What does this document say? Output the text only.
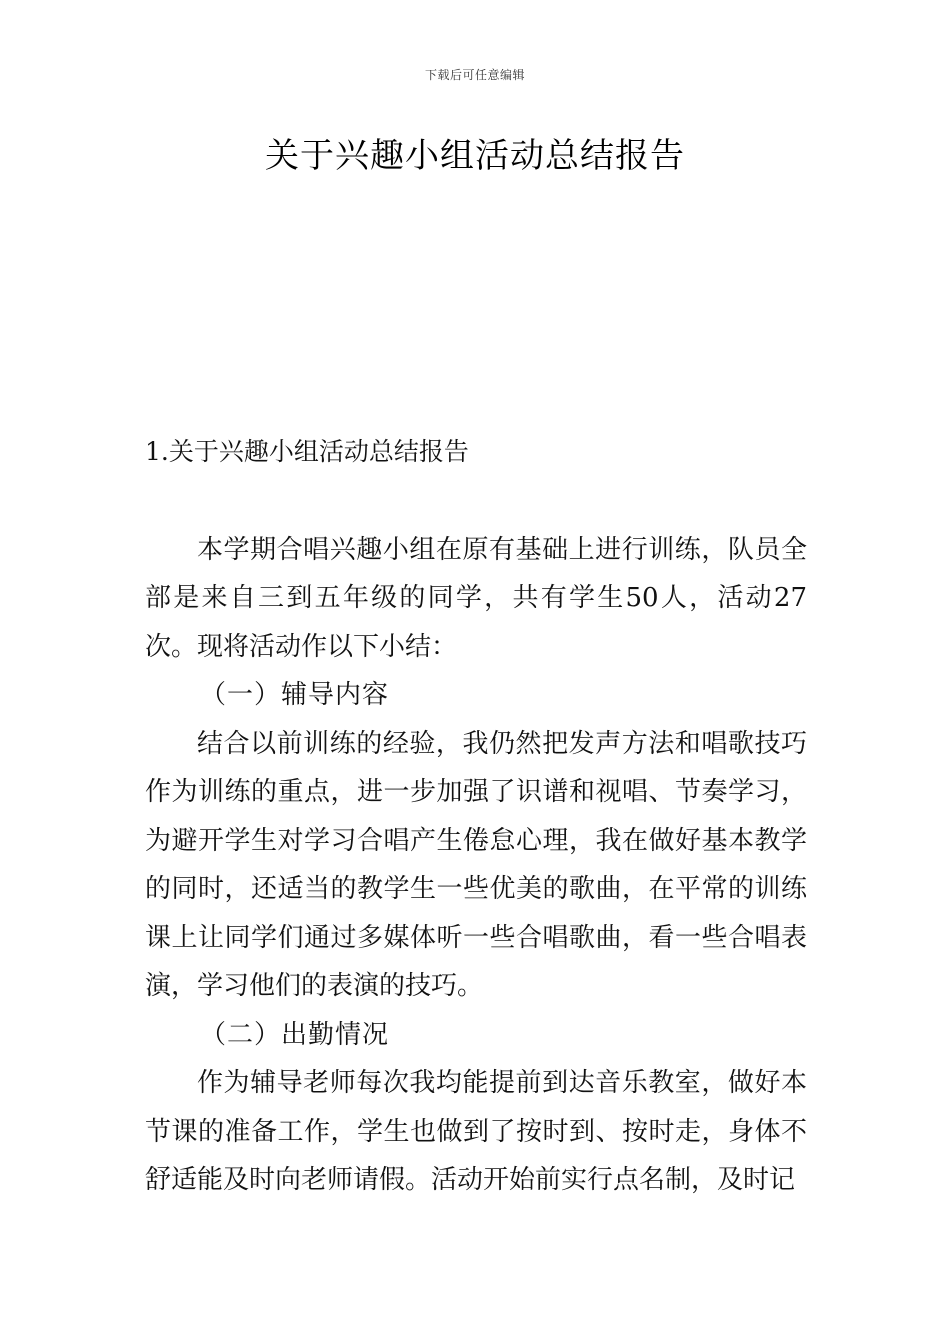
下载后可任意编辑
关于兴趣小组活动总结报告
1.关于兴趣小组活动总结报告

本学期合唱兴趣小组在原有基础上进行训练，队员全部是来自三到五年级的同学，共有学生50人，活动27次。现将活动作以下小结：

（一）辅导内容

结合以前训练的经验，我仍然把发声方法和唱歌技巧作为训练的重点，进一步加强了识谱和视唱、节奏学习，为避开学生对学习合唱产生倦怠心理，我在做好基本教学的同时，还适当的教学生一些优美的歌曲，在平常的训练课上让同学们通过多媒体听一些合唱歌曲，看一些合唱表演，学习他们的表演的技巧。

（二）出勤情况

作为辅导老师每次我均能提前到达音乐教室，做好本节课的准备工作，学生也做到了按时到、按时走，身体不舒适能及时向老师请假。活动开始前实行点名制，及时记
